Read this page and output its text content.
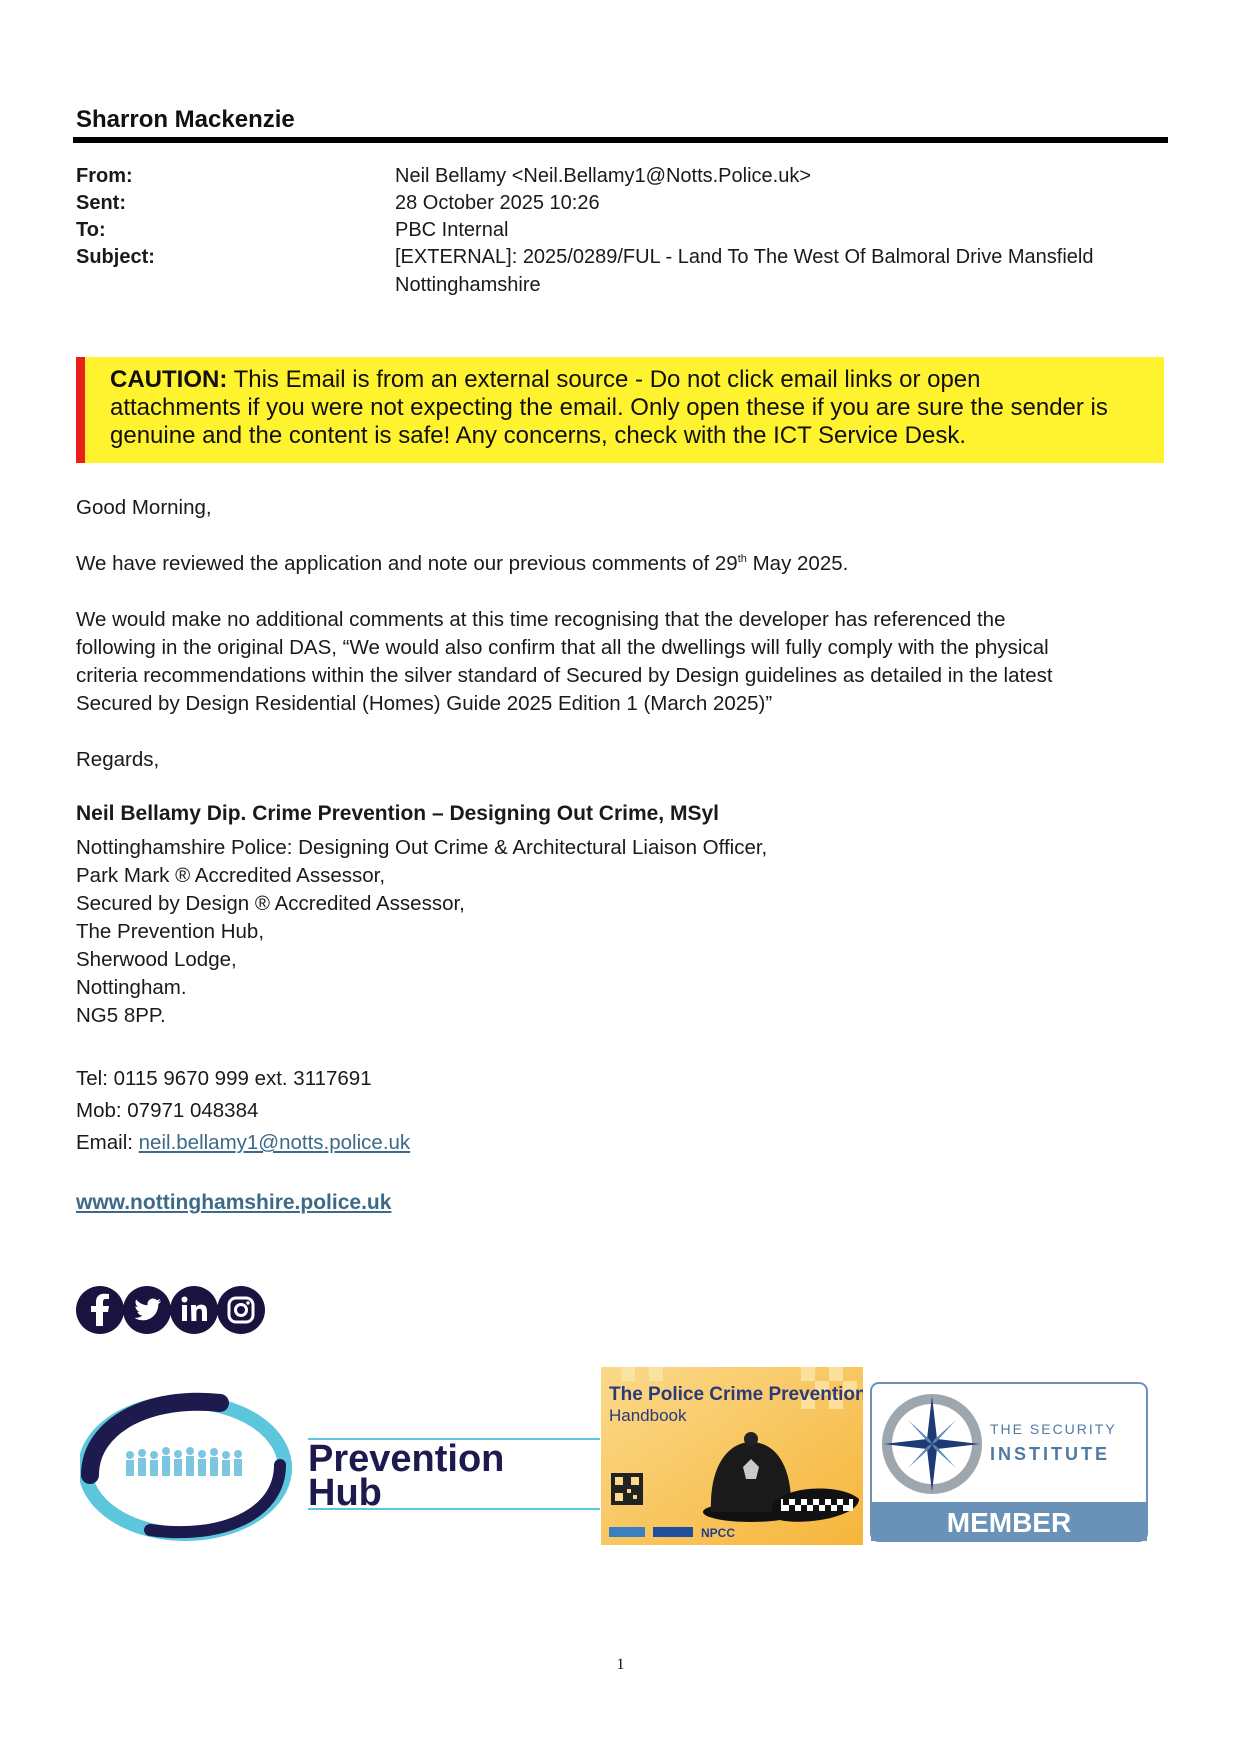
Sharron Mackenzie
From:	Neil Bellamy <Neil.Bellamy1@Notts.Police.uk>
Sent:	28 October 2025 10:26
To:	PBC Internal
Subject:	[EXTERNAL]: 2025/0289/FUL - Land To The West Of Balmoral Drive Mansfield
Nottinghamshire
CAUTION: This Email is from an external source - Do not click email links or open
attachments if you were not expecting the email. Only open these if you are sure the sender is
genuine and the content is safe! Any concerns, check with the ICT Service Desk.
Good Morning,
We have reviewed the application and note our previous comments of 29th May 2025.
We would make no additional comments at this time recognising that the developer has referenced the
following in the original DAS, “We would also confirm that all the dwellings will fully comply with the physical
criteria recommendations within the silver standard of Secured by Design guidelines as detailed in the latest
Secured by Design Residential (Homes) Guide 2025 Edition 1 (March 2025)”
Regards,
Neil Bellamy Dip. Crime Prevention – Designing Out Crime, MSyl
Nottinghamshire Police: Designing Out Crime & Architectural Liaison Officer,
Park Mark ® Accredited Assessor,
Secured by Design ® Accredited Assessor,
The Prevention Hub,
Sherwood Lodge,
Nottingham.
NG5 8PP.
Tel: 0115 9670 999 ext. 3117691
Mob: 07971 048384
Email: neil.bellamy1@notts.police.uk
www.nottinghamshire.police.uk
Prevention
Hub
The Police Crime Prevention
Handbook
NPCC
THE SECURITY
INSTITUTE
MEMBER
1
